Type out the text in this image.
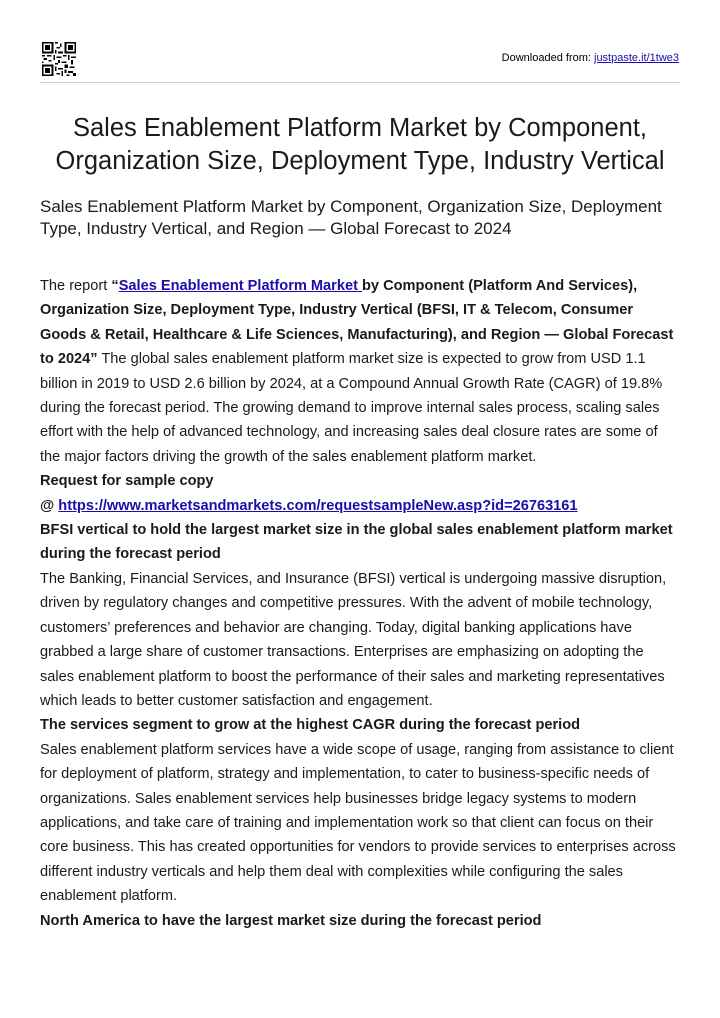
Downloaded from: justpaste.it/1twe3
Sales Enablement Platform Market by Component, Organization Size, Deployment Type, Industry Vertical
Sales Enablement Platform Market by Component, Organization Size, Deployment Type, Industry Vertical, and Region — Global Forecast to 2024

The report “Sales Enablement Platform Market by Component (Platform And Services), Organization Size, Deployment Type, Industry Vertical (BFSI, IT & Telecom, Consumer Goods & Retail, Healthcare & Life Sciences, Manufacturing), and Region — Global Forecast to 2024” The global sales enablement platform market size is expected to grow from USD 1.1 billion in 2019 to USD 2.6 billion by 2024, at a Compound Annual Growth Rate (CAGR) of 19.8% during the forecast period. The growing demand to improve internal sales process, scaling sales effort with the help of advanced technology, and increasing sales deal closure rates are some of the major factors driving the growth of the sales enablement platform market.

Request for sample copy

@ https://www.marketsandmarkets.com/requestsampleNew.asp?id=26763161

BFSI vertical to hold the largest market size in the global sales enablement platform market during the forecast period

The Banking, Financial Services, and Insurance (BFSI) vertical is undergoing massive disruption, driven by regulatory changes and competitive pressures. With the advent of mobile technology, customers’ preferences and behavior are changing. Today, digital banking applications have grabbed a large share of customer transactions. Enterprises are emphasizing on adopting the sales enablement platform to boost the performance of their sales and marketing representatives which leads to better customer satisfaction and engagement.

The services segment to grow at the highest CAGR during the forecast period

Sales enablement platform services have a wide scope of usage, ranging from assistance to client for deployment of platform, strategy and implementation, to cater to business-specific needs of organizations. Sales enablement services help businesses bridge legacy systems to modern applications, and take care of training and implementation work so that client can focus on their core business. This has created opportunities for vendors to provide services to enterprises across different industry verticals and help them deal with complexities while configuring the sales enablement platform.

North America to have the largest market size during the forecast period
